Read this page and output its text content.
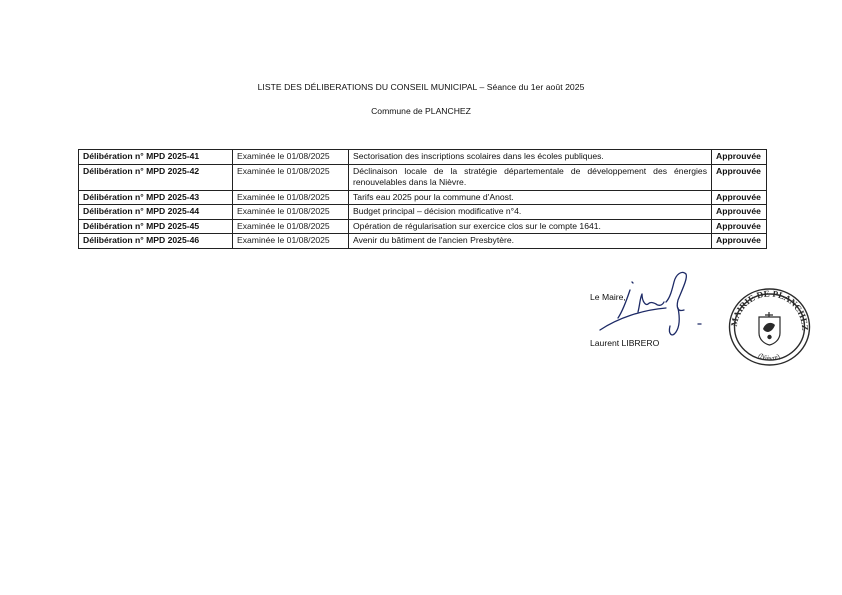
LISTE DES DÉLIBERATIONS DU CONSEIL MUNICIPAL – Séance du 1er août 2025
Commune de PLANCHEZ
Délibération n° MPD 2025-41	Examinée le 01/08/2025	Sectorisation des inscriptions scolaires dans les écoles publiques.	Approuvée
Délibération n° MPD 2025-42	Examinée le 01/08/2025	Déclinaison locale de la stratégie départementale de développement des énergies renouvelables dans la Nièvre.	Approuvée
Délibération n° MPD 2025-43	Examinée le 01/08/2025	Tarifs eau 2025 pour la commune d'Anost.	Approuvée
Délibération n° MPD 2025-44	Examinée le 01/08/2025	Budget principal – décision modificative n°4.	Approuvée
Délibération n° MPD 2025-45	Examinée le 01/08/2025	Opération de régularisation sur exercice clos sur le compte 1641.	Approuvée
Délibération n° MPD 2025-46	Examinée le 01/08/2025	Avenir du bâtiment de l'ancien Presbytère.	Approuvée
Le Maire,
Laurent LIBRERO
MAIRIE DE PLANCHEZ
(Nièvre)
